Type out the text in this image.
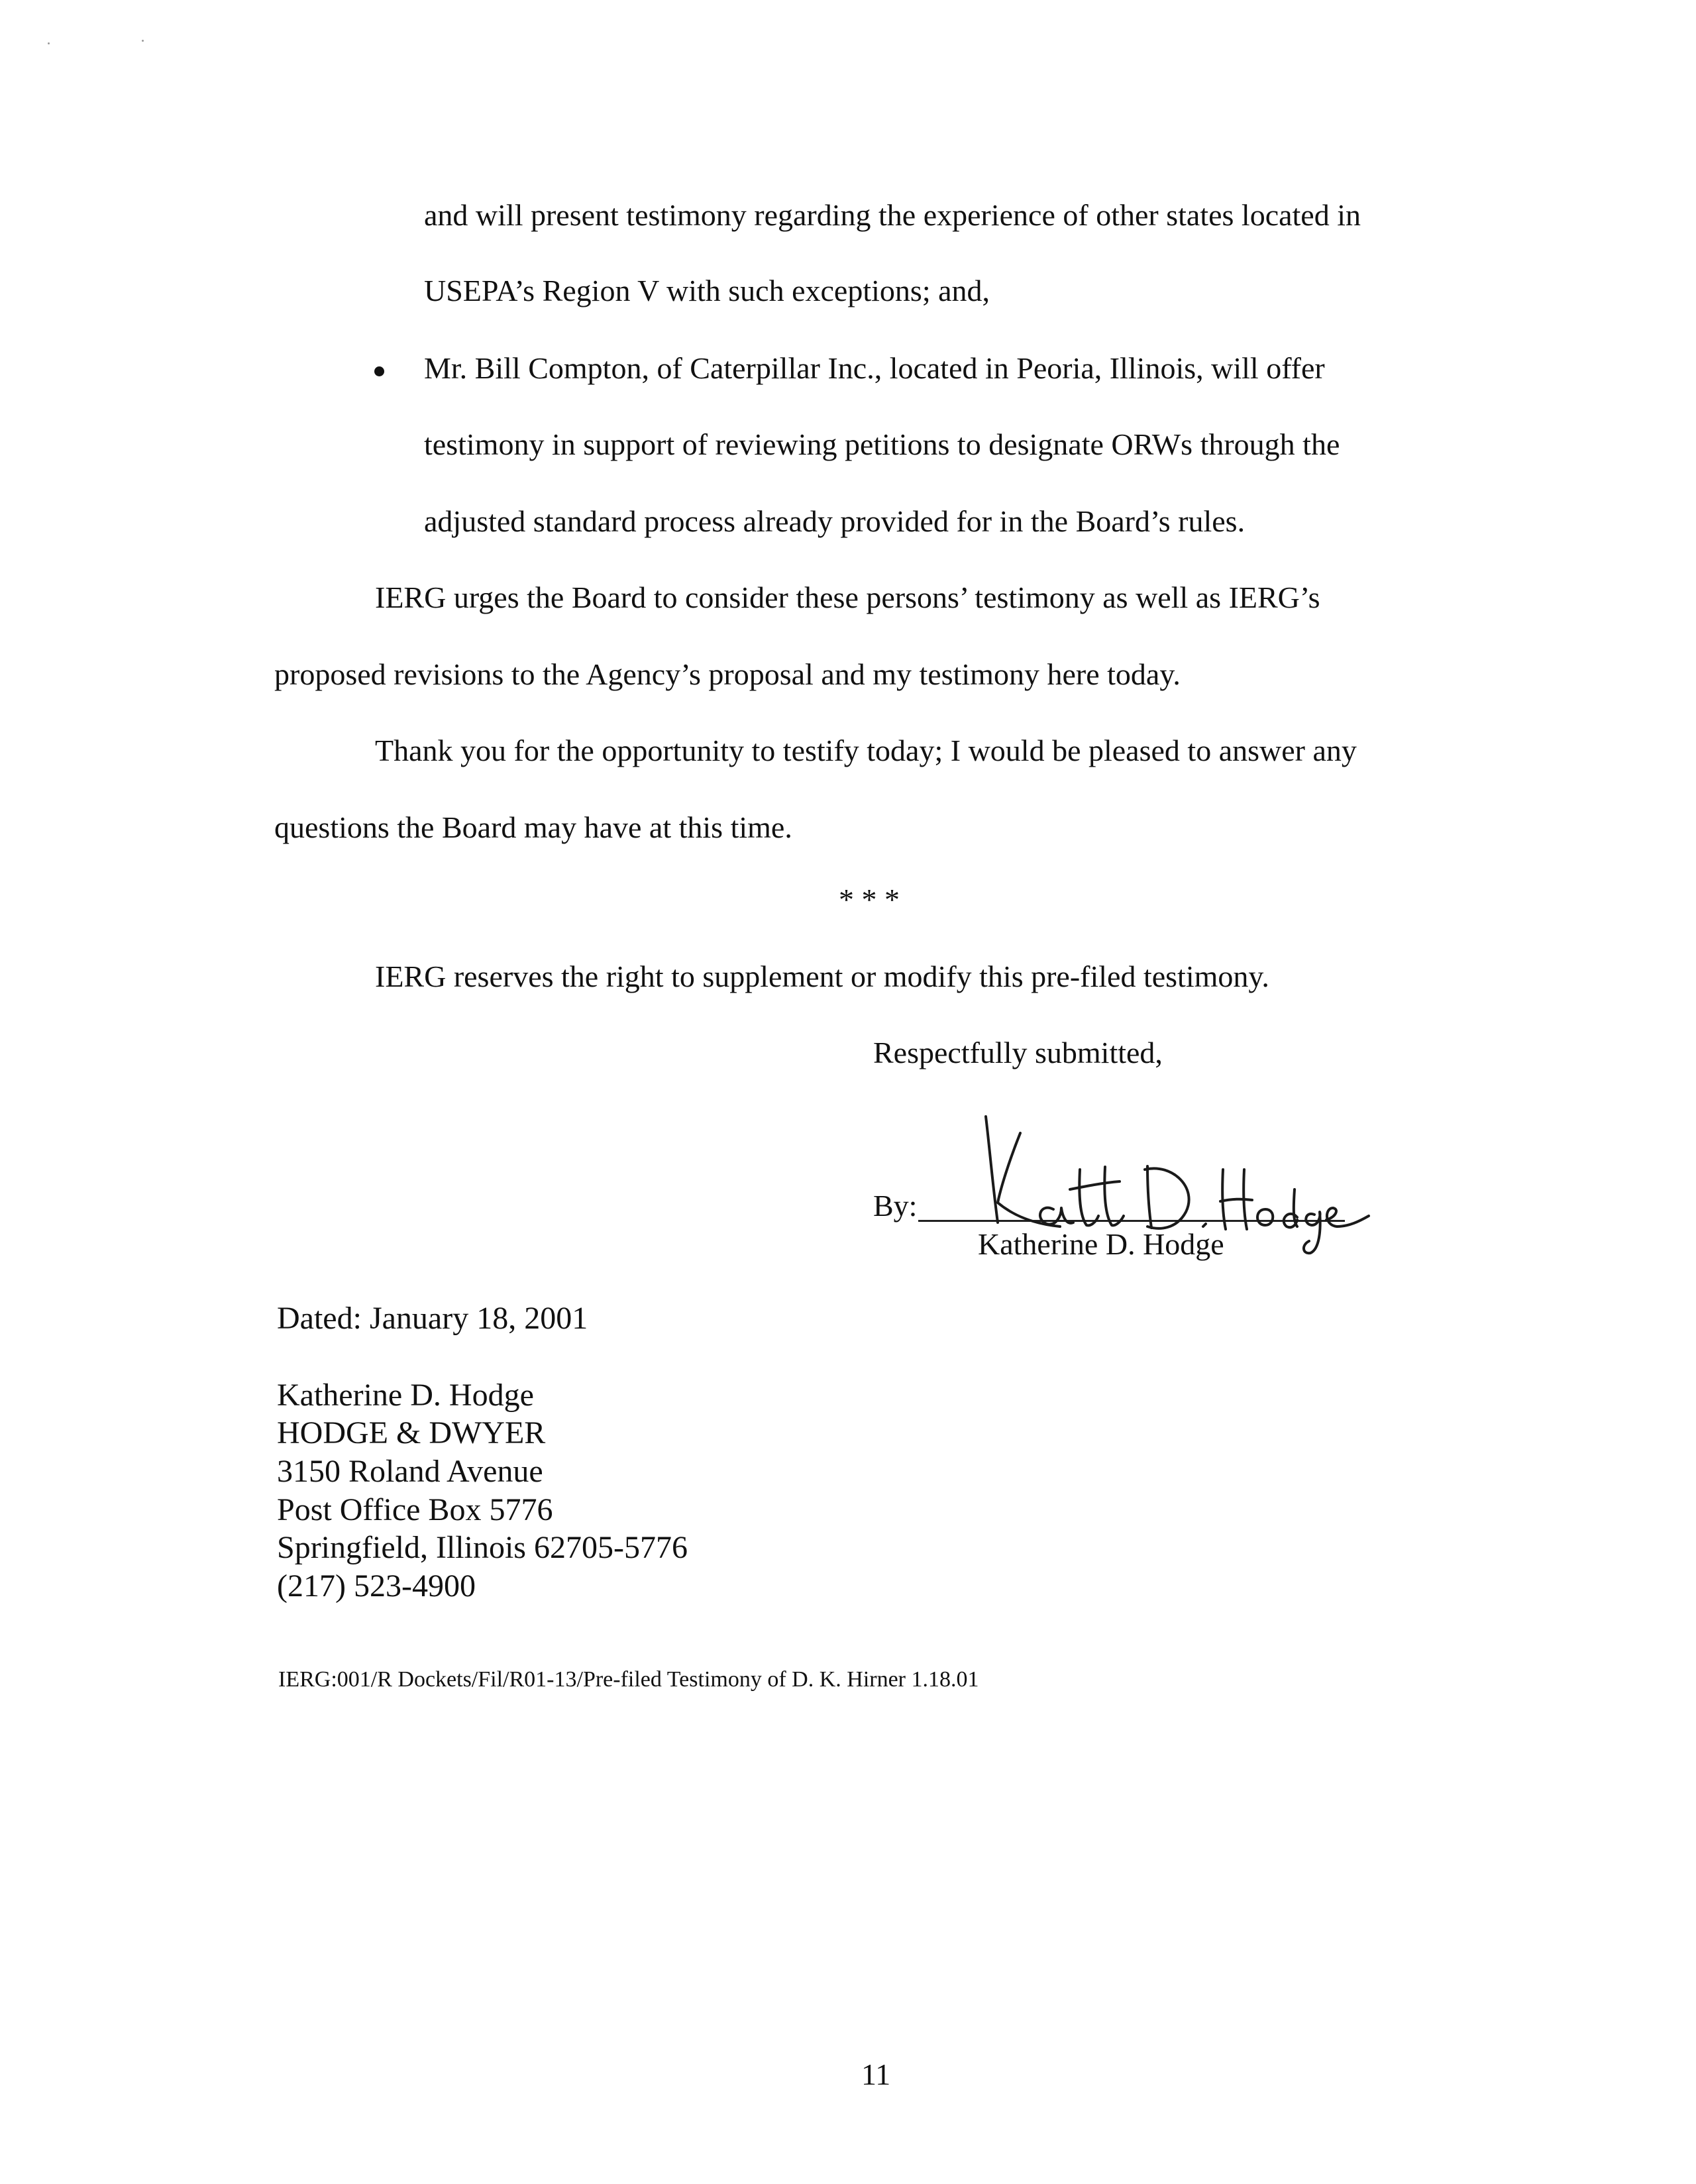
and will present testimony regarding the experience of other states located in
USEPA’s Region V with such exceptions; and,
Mr. Bill Compton, of Caterpillar Inc., located in Peoria, Illinois, will offer
testimony in support of reviewing petitions to designate ORWs through the
adjusted standard process already provided for in the Board’s rules.
IERG urges the Board to consider these persons’ testimony as well as IERG’s
proposed revisions to the Agency’s proposal and my testimony here today.
Thank you for the opportunity to testify today; I would be pleased to answer any
questions the Board may have at this time.
* * *
IERG reserves the right to supplement or modify this pre-filed testimony.
Respectfully submitted,
By:
Katherine D. Hodge
Dated: January 18, 2001
Katherine D. Hodge
HODGE & DWYER
3150 Roland Avenue
Post Office Box 5776
Springfield, Illinois 62705-5776
(217) 523-4900
IERG:001/R Dockets/Fil/R01-13/Pre-filed Testimony of D. K. Hirner 1.18.01
11
